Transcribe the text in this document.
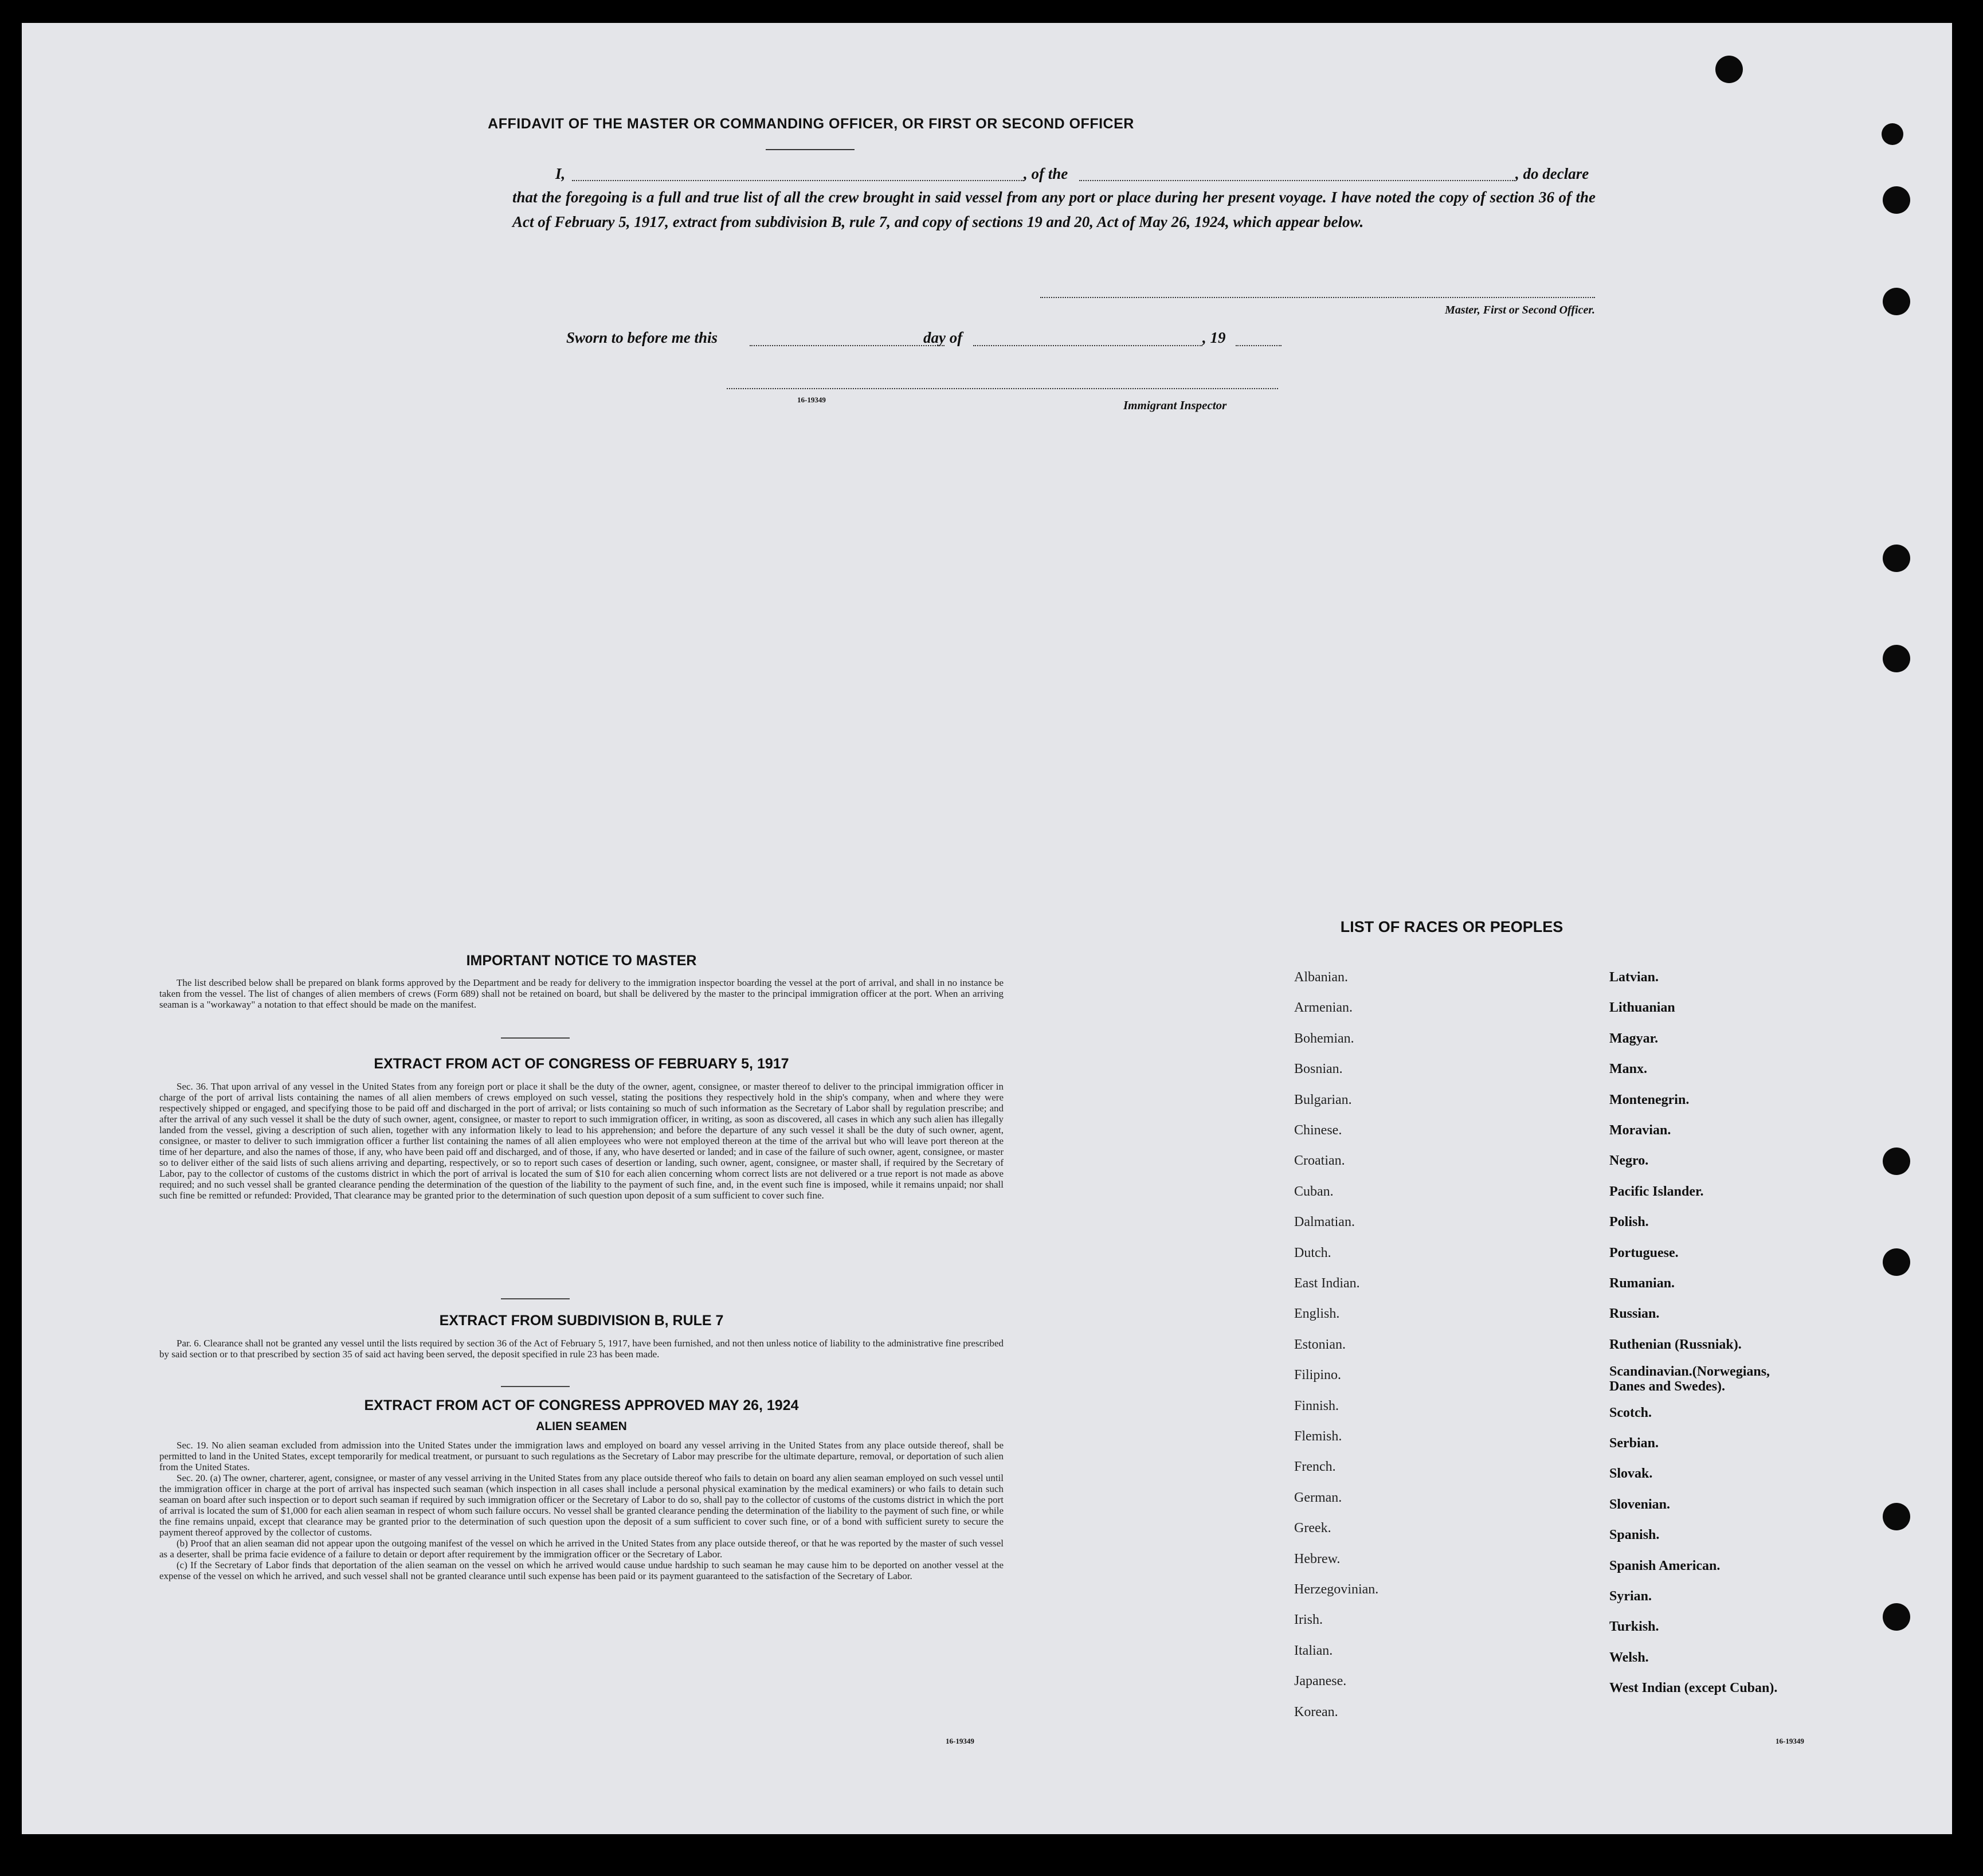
AFFIDAVIT OF THE MASTER OR COMMANDING OFFICER, OR FIRST OR SECOND OFFICER
I,	, of the	, do declare
that the foregoing is a full and true list of all the crew brought in said vessel from any port or place during her present voyage. I have noted the copy of section 36 of the Act of February 5, 1917, extract from subdivision B, rule 7, and copy of sections 19 and 20, Act of May 26, 1924, which appear below.
Master, First or Second Officer.
Sworn to before me this	day of	, 19
16-19349	Immigrant Inspector
IMPORTANT NOTICE TO MASTER

The list described below shall be prepared on blank forms approved by the Department and be ready for delivery to the immigration inspector boarding the vessel at the port of arrival, and shall in no instance be taken from the vessel. The list of changes of alien members of crews (Form 689) shall not be retained on board, but shall be delivered by the master to the principal immigration officer at the port. When an arriving seaman is a "workaway" a notation to that effect should be made on the manifest.

EXTRACT FROM ACT OF CONGRESS OF FEBRUARY 5, 1917

Sec. 36. That upon arrival of any vessel in the United States from any foreign port or place it shall be the duty of the owner, agent, consignee, or master thereof to deliver to the principal immigration officer in charge of the port of arrival lists containing the names of all alien members of crews employed on such vessel, stating the positions they respectively hold in the ship's company, when and where they were respectively shipped or engaged, and specifying those to be paid off and discharged in the port of arrival; or lists containing so much of such information as the Secretary of Labor shall by regulation prescribe; and after the arrival of any such vessel it shall be the duty of such owner, agent, consignee, or master to report to such immigration officer, in writing, as soon as discovered, all cases in which any such alien has illegally landed from the vessel, giving a description of such alien, together with any information likely to lead to his apprehension; and before the departure of any such vessel it shall be the duty of such owner, agent, consignee, or master to deliver to such immigration officer a further list containing the names of all alien employees who were not employed thereon at the time of the arrival but who will leave port thereon at the time of her departure, and also the names of those, if any, who have been paid off and discharged, and of those, if any, who have deserted or landed; and in case of the failure of such owner, agent, consignee, or master so to deliver either of the said lists of such aliens arriving and departing, respectively, or so to report such cases of desertion or landing, such owner, agent, consignee, or master shall, if required by the Secretary of Labor, pay to the collector of customs of the customs district in which the port of arrival is located the sum of $10 for each alien concerning whom correct lists are not delivered or a true report is not made as above required; and no such vessel shall be granted clearance pending the determination of the question of the liability to the payment of such fine, and, in the event such fine is imposed, while it remains unpaid; nor shall such fine be remitted or refunded: Provided, That clearance may be granted prior to the determination of such question upon deposit of a sum sufficient to cover such fine.

EXTRACT FROM SUBDIVISION B, RULE 7

Par. 6. Clearance shall not be granted any vessel until the lists required by section 36 of the Act of February 5, 1917, have been furnished, and not then unless notice of liability to the administrative fine prescribed by said section or to that prescribed by section 35 of said act having been served, the deposit specified in rule 23 has been made.

EXTRACT FROM ACT OF CONGRESS APPROVED MAY 26, 1924
ALIEN SEAMEN

Sec. 19. No alien seaman excluded from admission into the United States under the immigration laws and employed on board any vessel arriving in the United States from any place outside thereof, shall be permitted to land in the United States, except temporarily for medical treatment, or pursuant to such regulations as the Secretary of Labor may prescribe for the ultimate departure, removal, or deportation of such alien from the United States.

Sec. 20. (a) The owner, charterer, agent, consignee, or master of any vessel arriving in the United States from any place outside thereof who fails to detain on board any alien seaman employed on such vessel until the immigration officer in charge at the port of arrival has inspected such seaman (which inspection in all cases shall include a personal physical examination by the medical examiners) or who fails to detain such seaman on board after such inspection or to deport such seaman if required by such immigration officer or the Secretary of Labor to do so, shall pay to the collector of customs of the customs district in which the port of arrival is located the sum of $1,000 for each alien seaman in respect of whom such failure occurs. No vessel shall be granted clearance pending the determination of the liability to the payment of such fine, or while the fine remains unpaid, except that clearance may be granted prior to the determination of such question upon the deposit of a sum sufficient to cover such fine, or of a bond with sufficient surety to secure the payment thereof approved by the collector of customs.

(b) Proof that an alien seaman did not appear upon the outgoing manifest of the vessel on which he arrived in the United States from any place outside thereof, or that he was reported by the master of such vessel as a deserter, shall be prima facie evidence of a failure to detain or deport after requirement by the immigration officer or the Secretary of Labor.

(c) If the Secretary of Labor finds that deportation of the alien seaman on the vessel on which he arrived would cause undue hardship to such seaman he may cause him to be deported on another vessel at the expense of the vessel on which he arrived, and such vessel shall not be granted clearance until such expense has been paid or its payment guaranteed to the satisfaction of the Secretary of Labor.

16-19349
LIST OF RACES OR PEOPLES
16-19349
Albanian.
Armenian.
Bohemian.
Bosnian.
Bulgarian.
Chinese.
Croatian.
Cuban.
Dalmatian.
Dutch.
East Indian.
English.
Estonian.
Filipino.
Finnish.
Flemish.
French.
German.
Greek.
Hebrew.
Herzegovinian.
Irish.
Italian.
Japanese.
Korean.
Latvian.
Lithuanian
Magyar.
Manx.
Montenegrin.
Moravian.
Negro.
Pacific Islander.
Polish.
Portuguese.
Rumanian.
Russian.
Ruthenian (Russniak).
Scandinavian.(Norwegians,
Danes and Swedes).
Scotch.
Serbian.
Slovak.
Slovenian.
Spanish.
Spanish American.
Syrian.
Turkish.
Welsh.
West Indian (except Cuban).
